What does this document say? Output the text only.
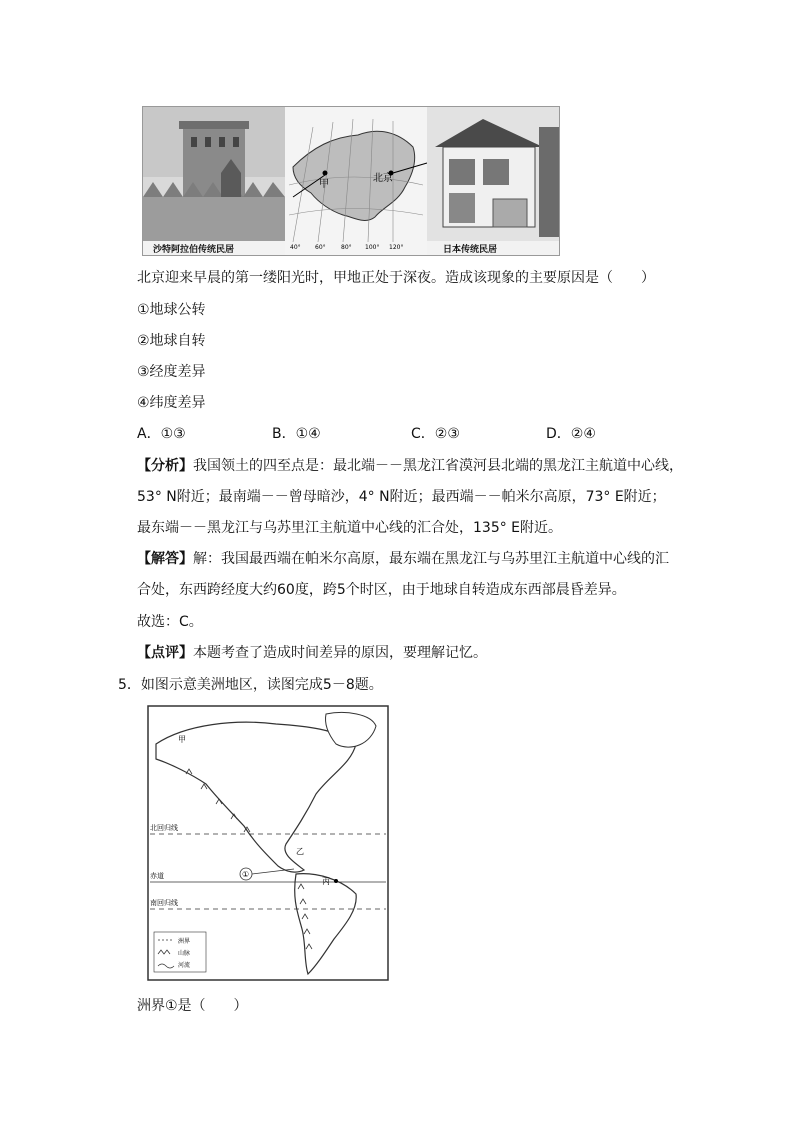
甲
北京
40° 60°	80° 100° 120°
沙特阿拉伯传统民居	日本传统民居
北京迎来早晨的第一缕阳光时，甲地正处于深夜。造成该现象的主要原因是（　　）
①地球公转
②地球自转
③经度差异
④纬度差异
A．①③	B．①④	C．②③	D．②④
【分析】我国领土的四至点是：最北端－－黑龙江省漠河县北端的黑龙江主航道中心线，
53° N附近；最南端－－曾母暗沙，4° N附近；最西端－－帕米尔高原，73° E附近；
最东端－－黑龙江与乌苏里江主航道中心线的汇合处，135° E附近。
【解答】解：我国最西端在帕米尔高原，最东端在黑龙江与乌苏里江主航道中心线的汇
合处，东西跨经度大约60度，跨5个时区，由于地球自转造成东西部晨昏差异。
故选：C。
【点评】本题考查了造成时间差异的原因，要理解记忆。
5．如图示意美洲地区，读图完成5－8题。
甲
北回归线
赤道
南回归线
①
丙
乙
洲界
山脉
河流
洲界①是（　　）
